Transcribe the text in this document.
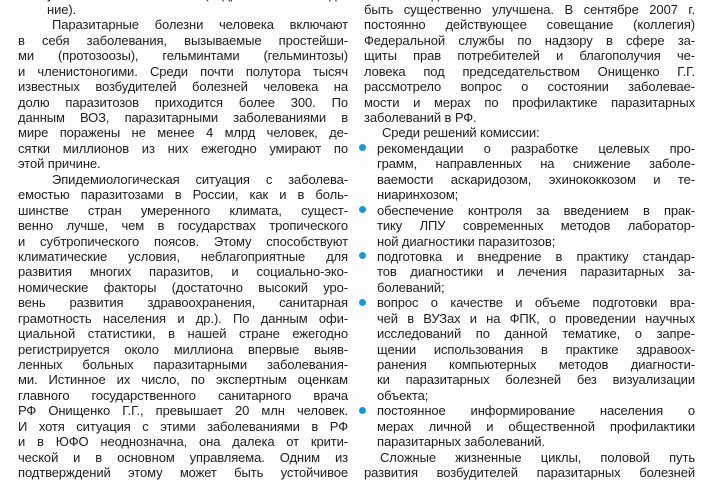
ние).
Паразитарные болезни человека включают
в себя заболевания, вызываемые простейши-
ми (протозоозы), гельминтами (гельминтозы)
и членистоногими. Среди почти полутора тысяч
известных возбудителей болезней человека на
долю паразитозов приходится более 300. По
данным ВОЗ, паразитарными заболеваниями в
мире поражены не менее 4 млрд человек, де-
сятки миллионов из них ежегодно умирают по
этой причине.
Эпидемиологическая ситуация с заболева-
емостью паразитозами в России, как и в боль-
шинстве стран умеренного климата, сущест-
венно лучше, чем в государствах тропического
и субтропического поясов. Этому способствуют
климатические условия, неблагоприятные для
развития многих паразитов, и социально-эко-
номические факторы (достаточно высокий уро-
вень развития здравоохранения, санитарная
грамотность населения и др.). По данным офи-
циальной статистики, в нашей стране ежегодно
регистрируется около миллиона впервые выяв-
ленных больных паразитарными заболевания-
ми. Истинное их число, по экспертным оценкам
главного государственного санитарного врача
РФ Онищенко Г.Г., превышает 20 млн человек.
И хотя ситуация с этими заболеваниями в РФ
и в ЮФО неоднозначна, она далека от крити-
ческой и в основном управляема. Одним из
подтверждений этому может быть устойчивое
быть существенно улучшена. В сентябре 2007 г.
постоянно действующее совещание (коллегия)
Федеральной службы по надзору в сфере за-
щиты прав потребителей и благополучия че-
ловека под председательством Онищенко Г.Г.
рассмотрело вопрос о состоянии заболевае-
мости и мерах по профилактике паразитарных
заболеваний в РФ.
Среди решений комиссии:
рекомендации о разработке целевых про-
грамм, направленных на снижение заболе-
ваемости аскаридозом, эхинококкозом и те-
ниаринхозом;
обеспечение контроля за введением в прак-
тику ЛПУ современных методов лаборатор-
ной диагностики паразитозов;
подготовка и внедрение в практику стандар-
тов диагностики и лечения паразитарных за-
болеваний;
вопрос о качестве и объеме подготовки вра-
чей в ВУЗах и на ФПК, о проведении научных
исследований по данной тематике, о запре-
щении использования в практике здравоох-
ранения компьютерных методов диагности-
ки паразитарных болезней без визуализации
объекта;
постоянное информирование населения о
мерах личной и общественной профилактики
паразитарных заболеваний.
Сложные жизненные циклы, половой путь
развития возбудителей паразитарных болезней
